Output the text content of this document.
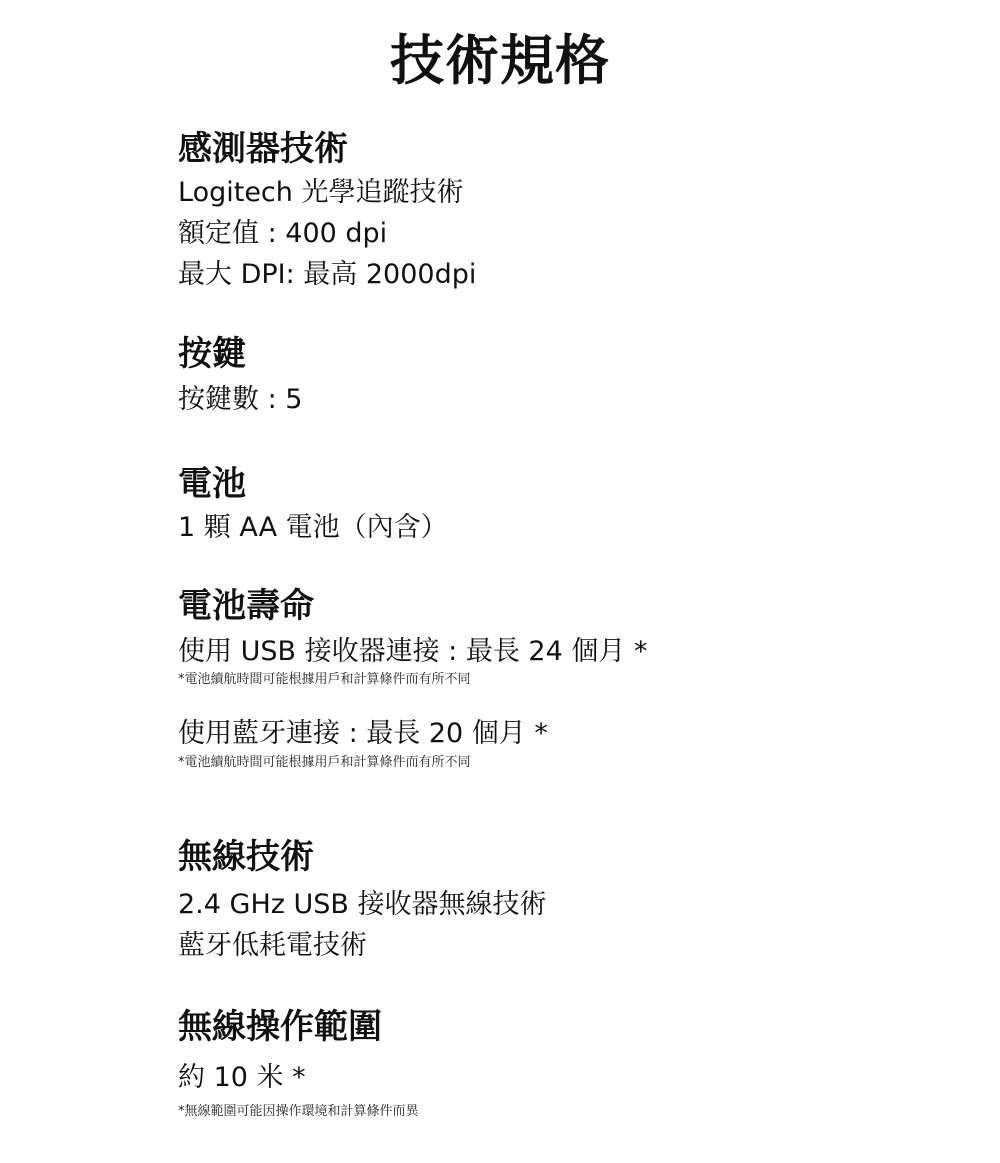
技術規格
感測器技術
Logitech 光學追蹤技術
額定值 : 400 dpi
最大 DPI: 最高 2000dpi
按鍵
按鍵數 : 5
電池
1 顆 AA 電池（內含）
電池壽命
使用 USB 接收器連接 : 最長 24 個月 *
*電池續航時間可能根據用戶和計算條件而有所不同
使用藍牙連接 : 最長 20 個月 *
*電池續航時間可能根據用戶和計算條件而有所不同
無線技術
2.4 GHz USB 接收器無線技術
藍牙低耗電技術
無線操作範圍
約 10 米 *
*無線範圍可能因操作環境和計算條件而異
